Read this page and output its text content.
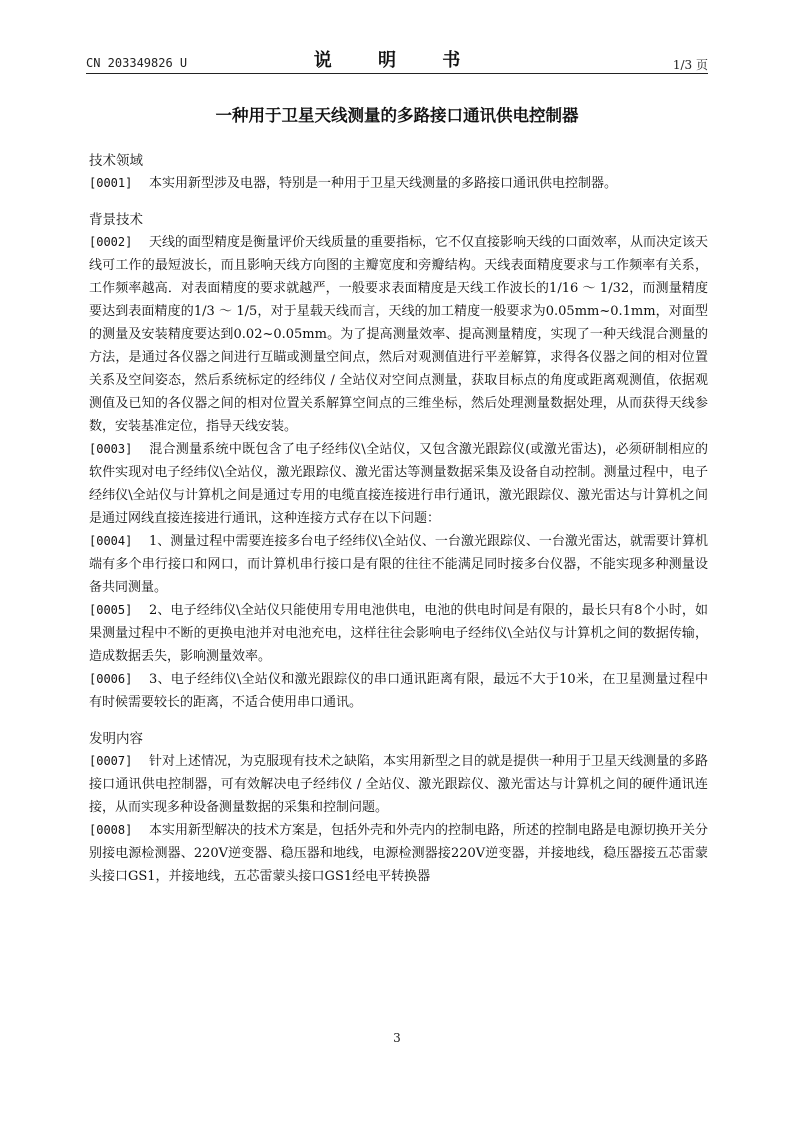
CN 203349826 U	说 明 书	1/3 页
一种用于卫星天线测量的多路接口通讯供电控制器
技术领域

[0001] 本实用新型涉及电器，特别是一种用于卫星天线测量的多路接口通讯供电控制器。

背景技术

[0002] 天线的面型精度是衡量评价天线质量的重要指标，它不仅直接影响天线的口面效率，从而决定该天线可工作的最短波长，而且影响天线方向图的主瓣宽度和旁瓣结构。天线表面精度要求与工作频率有关系，工作频率越高．对表面精度的要求就越严，一般要求表面精度是天线工作波长的1/16 ～ 1/32，而测量精度要达到表面精度的1/3 ～ 1/5，对于星载天线而言，天线的加工精度一般要求为0.05mm~0.1mm，对面型的测量及安装精度要达到0.02~0.05mm。为了提高测量效率、提高测量精度，实现了一种天线混合测量的方法，是通过各仪器之间进行互瞄或测量空间点，然后对观测值进行平差解算，求得各仪器之间的相对位置关系及空间姿态，然后系统标定的经纬仪 / 全站仪对空间点测量，获取目标点的角度或距离观测值，依据观测值及已知的各仪器之间的相对位置关系解算空间点的三维坐标，然后处理测量数据处理，从而获得天线参数，安装基准定位，指导天线安装。

[0003] 混合测量系统中既包含了电子经纬仪\全站仪，又包含激光跟踪仪(或激光雷达)，必须研制相应的软件实现对电子经纬仪\全站仪，激光跟踪仪、激光雷达等测量数据采集及设备自动控制。测量过程中，电子经纬仪\全站仪与计算机之间是通过专用的电缆直接连接进行串行通讯，激光跟踪仪、激光雷达与计算机之间是通过网线直接连接进行通讯，这种连接方式存在以下问题：

[0004] 1、测量过程中需要连接多台电子经纬仪\全站仪、一台激光跟踪仪、一台激光雷达，就需要计算机端有多个串行接口和网口，而计算机串行接口是有限的往往不能满足同时接多台仪器，不能实现多种测量设备共同测量。

[0005] 2、电子经纬仪\全站仪只能使用专用电池供电，电池的供电时间是有限的，最长只有8个小时，如果测量过程中不断的更换电池并对电池充电，这样往往会影响电子经纬仪\全站仪与计算机之间的数据传输，造成数据丢失，影响测量效率。

[0006] 3、电子经纬仪\全站仪和激光跟踪仪的串口通讯距离有限，最远不大于10米，在卫星测量过程中有时候需要较长的距离，不适合使用串口通讯。

发明内容

[0007] 针对上述情况，为克服现有技术之缺陷，本实用新型之目的就是提供一种用于卫星天线测量的多路接口通讯供电控制器，可有效解决电子经纬仪 / 全站仪、激光跟踪仪、激光雷达与计算机之间的硬件通讯连接，从而实现多种设备测量数据的采集和控制问题。

[0008] 本实用新型解决的技术方案是，包括外壳和外壳内的控制电路，所述的控制电路是电源切换开关分别接电源检测器、220V逆变器、稳压器和地线，电源检测器接220V逆变器，并接地线，稳压器接五芯雷蒙头接口GS1，并接地线，五芯雷蒙头接口GS1经电平转换器

3
